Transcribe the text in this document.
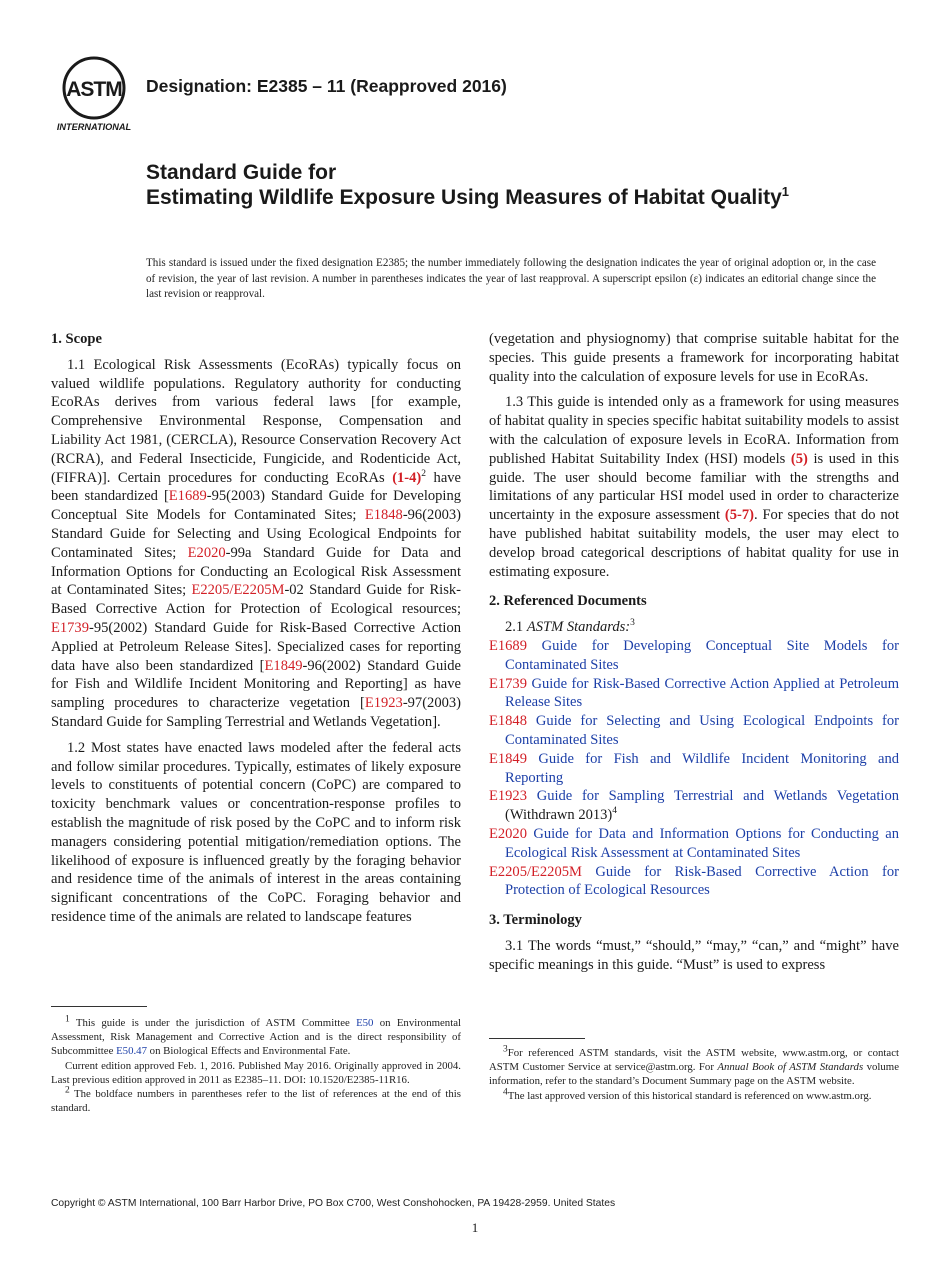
ASTM
INTERNATIONAL
Designation: E2385 – 11 (Reapproved 2016)
Standard Guide for
Estimating Wildlife Exposure Using Measures of Habitat Quality$^1$
This standard is issued under the fixed designation E2385; the number immediately following the designation indicates the year of original adoption or, in the case of revision, the year of last revision. A number in parentheses indicates the year of last reapproval. A superscript epsilon (ε) indicates an editorial change since the last revision or reapproval.
1. Scope

1.1 Ecological Risk Assessments (EcoRAs) typically focus on valued wildlife populations. Regulatory authority for conducting EcoRAs derives from various federal laws [for example, Comprehensive Environmental Response, Compensation and Liability Act 1981, (CERCLA), Resource Conservation Recovery Act (RCRA), and Federal Insecticide, Fungicide, and Rodenticide Act, (FIFRA)]. Certain procedures for conducting EcoRAs $(1-4)^2$ have been standardized [E1689-95(2003) Standard Guide for Developing Conceptual Site Models for Contaminated Sites; E1848-96(2003) Standard Guide for Selecting and Using Ecological Endpoints for Contaminated Sites; E2020-99a Standard Guide for Data and Information Options for Conducting an Ecological Risk Assessment at Contaminated Sites; E2205/E2205M-02 Standard Guide for Risk-Based Corrective Action for Protection of Ecological resources; E1739-95(2002) Standard Guide for Risk-Based Corrective Action Applied at Petroleum Release Sites]. Specialized cases for reporting data have also been standardized [E1849-96(2002) Standard Guide for Fish and Wildlife Incident Monitoring and Reporting] as have sampling procedures to characterize vegetation [E1923-97(2003) Standard Guide for Sampling Terrestrial and Wetlands Vegetation].

1.2 Most states have enacted laws modeled after the federal acts and follow similar procedures. Typically, estimates of likely exposure levels to constituents of potential concern (CoPC) are compared to toxicity benchmark values or concentration-response profiles to establish the magnitude of risk posed by the CoPC and to inform risk managers considering potential mitigation/remediation options. The likelihood of exposure is influenced greatly by the foraging behavior and residence time of the animals of interest in the areas containing significant concentrations of the CoPC. Foraging behavior and residence time of the animals are related to landscape features

$^1$ This guide is under the jurisdiction of ASTM Committee E50 on Environmental Assessment, Risk Management and Corrective Action and is the direct responsibility of Subcommittee E50.47 on Biological Effects and Environmental Fate.

Current edition approved Feb. 1, 2016. Published May 2016. Originally approved in 2004. Last previous edition approved in 2011 as E2385–11. DOI: 10.1520/E2385-11R16.

$^2$ The boldface numbers in parentheses refer to the list of references at the end of this standard.

(vegetation and physiognomy) that comprise suitable habitat for the species. This guide presents a framework for incorporating habitat quality into the calculation of exposure levels for use in EcoRAs.

1.3 This guide is intended only as a framework for using measures of habitat quality in species specific habitat suitability models to assist with the calculation of exposure levels in EcoRA. Information from published Habitat Suitability Index (HSI) models (5) is used in this guide. The user should become familiar with the strengths and limitations of any particular HSI model used in order to characterize uncertainty in the exposure assessment (5-7). For species that do not have published habitat suitability models, the user may elect to develop broad categorical descriptions of habitat quality for use in estimating exposure.

2. Referenced Documents

2.1 ASTM Standards:$^3$

E1689 Guide for Developing Conceptual Site Models for Contaminated Sites

E1739 Guide for Risk-Based Corrective Action Applied at Petroleum Release Sites

E1848 Guide for Selecting and Using Ecological Endpoints for Contaminated Sites

E1849 Guide for Fish and Wildlife Incident Monitoring and Reporting

E1923 Guide for Sampling Terrestrial and Wetlands Vegetation (Withdrawn 2013)$^4$

E2020 Guide for Data and Information Options for Conducting an Ecological Risk Assessment at Contaminated Sites

E2205/E2205M Guide for Risk-Based Corrective Action for Protection of Ecological Resources

3. Terminology

3.1 The words “must,” “should,” “may,” “can,” and “might” have specific meanings in this guide. “Must” is used to express

$^3$For referenced ASTM standards, visit the ASTM website, www.astm.org, or contact ASTM Customer Service at service@astm.org. For Annual Book of ASTM Standards volume information, refer to the standard’s Document Summary page on the ASTM website.

$^4$The last approved version of this historical standard is referenced on www.astm.org.

Copyright © ASTM International, 100 Barr Harbor Drive, PO Box C700, West Conshohocken, PA 19428-2959. United States
1
